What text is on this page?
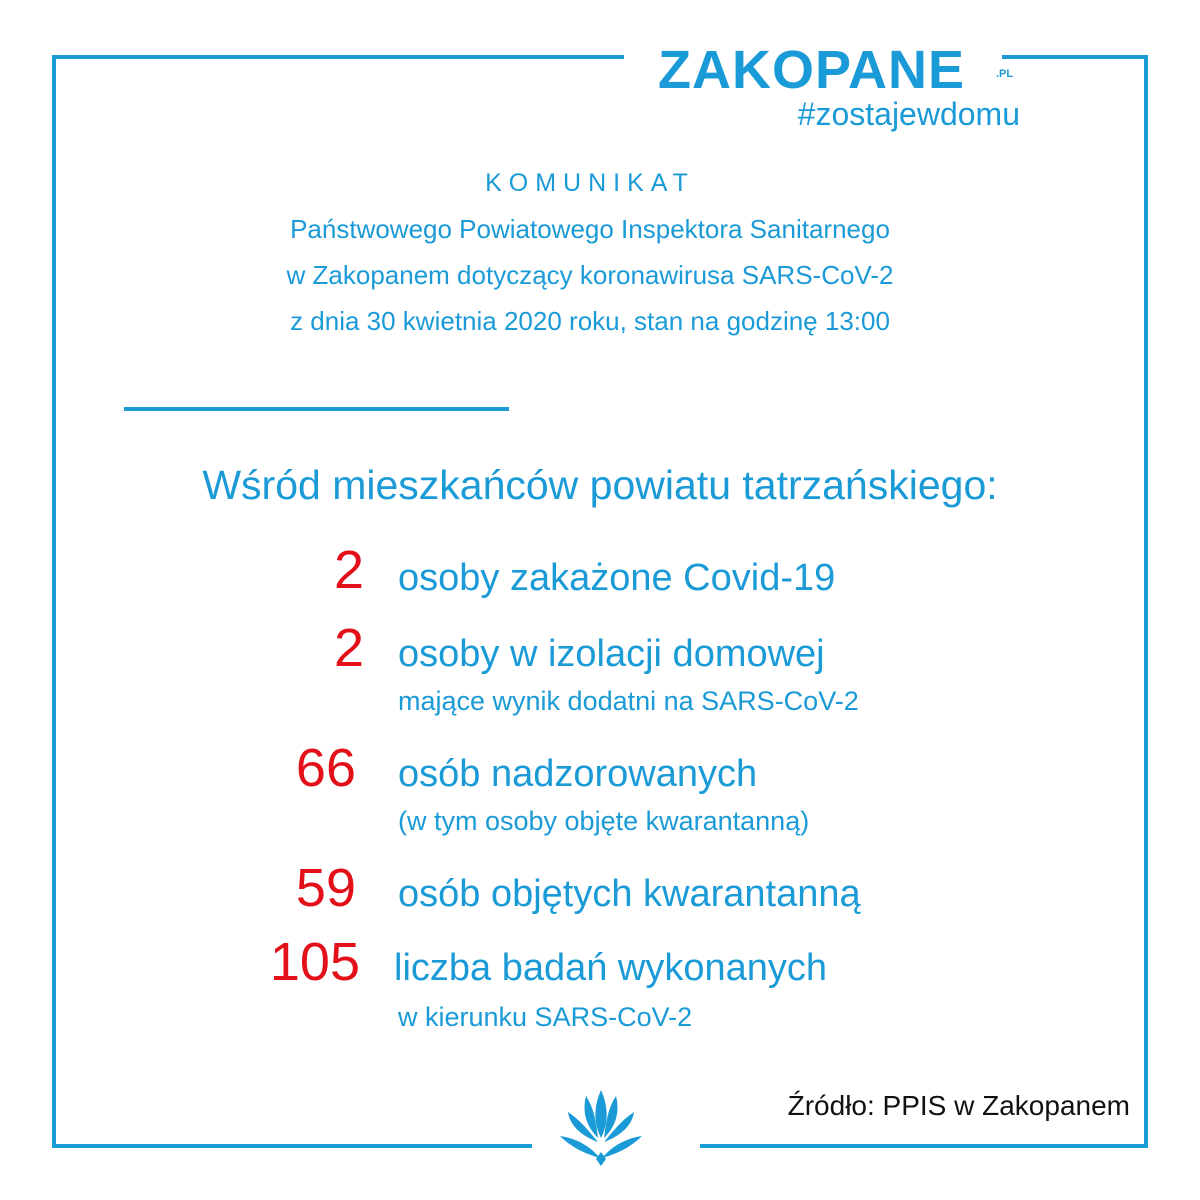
ZAKOPANE	.PL
#zostajewdomu
KOMUNIKAT
Państwowego Powiatowego Inspektora Sanitarnego
w Zakopanem dotyczący koronawirusa SARS-CoV-2
z dnia 30 kwietnia 2020 roku, stan na godzinę 13:00
Wśród mieszkańców powiatu tatrzańskiego:
2 osoby zakażone Covid-19
2 osoby w izolacji domowej
mające wynik dodatni na SARS-CoV-2
66 osób nadzorowanych
(w tym osoby objęte kwarantanną)
59 osób objętych kwarantanną
105 liczba badań wykonanych
w kierunku SARS-CoV-2
Źródło: PPIS w Zakopanem
